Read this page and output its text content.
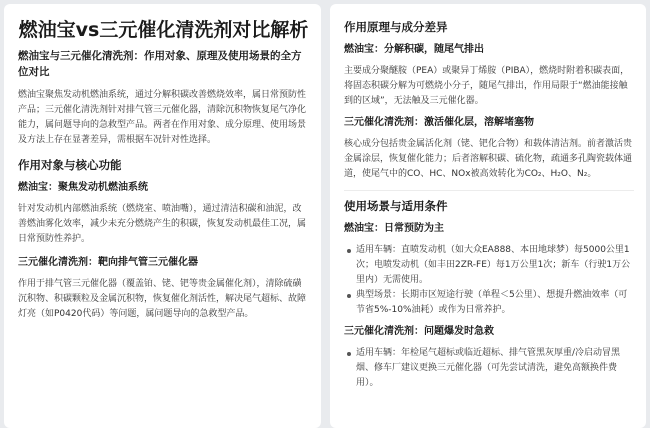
燃油宝vs三元催化清洗剂对比解析
燃油宝与三元催化清洗剂：作用对象、原理及使用场景的全方位对比
燃油宝聚焦发动机燃油系统，通过分解积碳改善燃烧效率，属日常预防性产品；三元催化清洗剂针对排气管三元催化器，清除沉积物恢复尾气净化能力，属问题导向的急救型产品。两者在作用对象、成分原理、使用场景及方法上存在显著差异，需根据车况针对性选择。
作用对象与核心功能
燃油宝：聚焦发动机燃油系统
针对发动机内部燃油系统（燃烧室、喷油嘴），通过清洁积碳和油泥，改善燃油雾化效率，减少未充分燃烧产生的积碳，恢复发动机最佳工况，属日常预防性养护。
三元催化清洗剂：靶向排气管三元催化器
作用于排气管三元催化器（覆盖铂、铑、钯等贵金属催化剂），清除硫磺沉积物、积碳颗粒及金属沉积物，恢复催化剂活性，解决尾气超标、故障灯亮（如P0420代码）等问题，属问题导向的急救型产品。
作用原理与成分差异
燃油宝：分解积碳，随尾气排出
主要成分聚醚胺（PEA）或聚异丁烯胺（PIBA），燃烧时附着积碳表面，将固态积碳分解为可燃烧小分子，随尾气排出，作用局限于“燃油能接触到的区域”，无法触及三元催化器。
三元催化清洗剂：激活催化层，溶解堵塞物
核心成分包括贵金属活化剂（铑、钯化合物）和载体清洁剂。前者激活贵金属涂层，恢复催化能力；后者溶解积碳、硫化物，疏通多孔陶瓷载体通道，使尾气中的CO、HC、NOx被高效转化为CO₂、H₂O、N₂。
使用场景与适用条件
燃油宝：日常预防为主
适用车辆：直喷发动机（如大众EA888、本田地球梦）每5000公里1次；电喷发动机（如丰田2ZR-FE）每1万公里1次；新车（行驶1万公里内）无需使用。
典型场景：长期市区短途行驶（单程＜5公里）、想提升燃油效率（可节省5%-10%油耗）或作为日常养护。
三元催化清洗剂：问题爆发时急救
适用车辆：年检尾气超标或临近超标、排气管黑灰厚重/冷启动冒黑烟、修车厂建议更换三元催化器（可先尝试清洗，避免高额换件费用）。
